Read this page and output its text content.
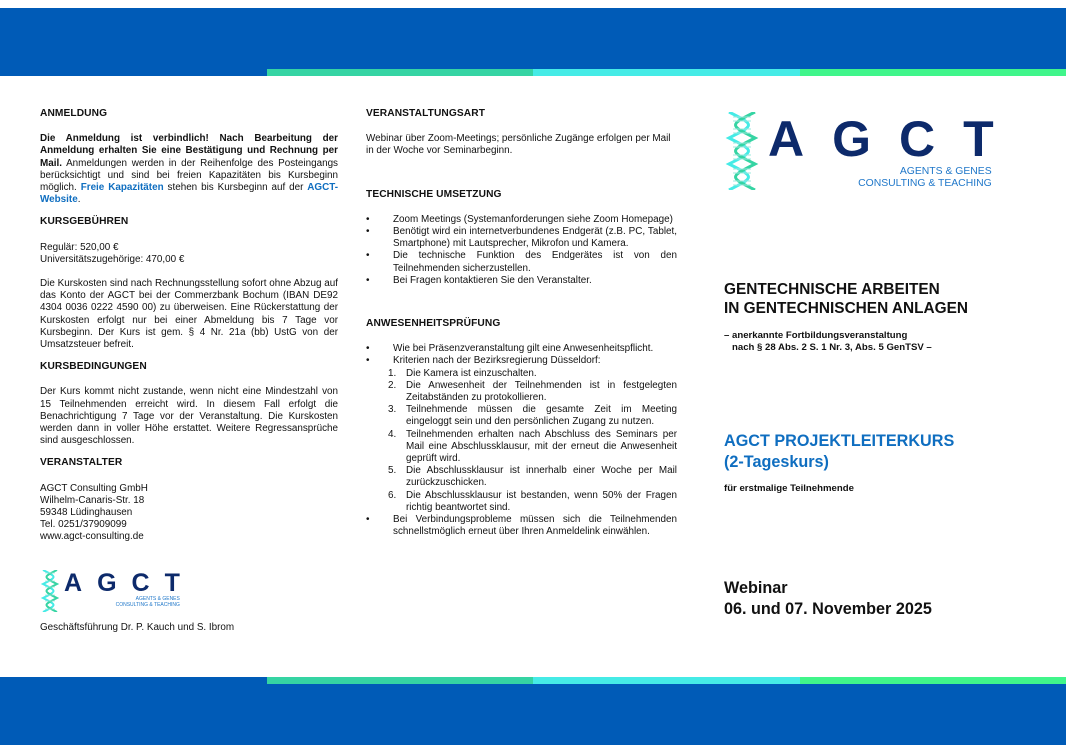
ANMELDUNG
Die Anmeldung ist verbindlich! Nach Bearbeitung der Anmeldung erhalten Sie eine Bestätigung und Rechnung per Mail. Anmeldungen werden in der Reihenfolge des Posteingangs berücksichtigt und sind bei freien Kapazitäten bis Kursbeginn möglich. Freie Kapazitäten stehen bis Kursbeginn auf der AGCT-Website.
KURSGEBÜHREN
Regulär: 520,00 €
Universitätszugehörige: 470,00 €
Die Kurskosten sind nach Rechnungsstellung sofort ohne Abzug auf das Konto der AGCT bei der Commerzbank Bochum (IBAN DE92 4304 0036 0222 4590 00) zu überweisen. Eine Rückerstattung der Kurskosten erfolgt nur bei einer Abmeldung bis 7 Tage vor Kursbeginn. Der Kurs ist gem. § 4 Nr. 21a (bb) UstG von der Umsatzsteuer befreit.
KURSBEDINGUNGEN
Der Kurs kommt nicht zustande, wenn nicht eine Mindestzahl von 15 Teilnehmenden erreicht wird. In diesem Fall erfolgt die Benachrichtigung 7 Tage vor der Veranstaltung. Die Kurskosten werden dann in voller Höhe erstattet. Weitere Regressansprüche sind ausgeschlossen.
VERANSTALTER
AGCT Consulting GmbH
Wilhelm-Canaris-Str. 18
59348 Lüdinghausen
Tel. 0251/37909099
www.agct-consulting.de
A G C T
AGENTS & GENES
CONSULTING & TEACHING
Geschäftsführung Dr. P. Kauch und S. Ibrom
VERANSTALTUNGSART
Webinar über Zoom-Meetings; persönliche Zugänge erfolgen per Mail in der Woche vor Seminarbeginn.
TECHNISCHE UMSETZUNG
• Zoom Meetings (Systemanforderungen siehe Zoom Homepage)
• Benötigt wird ein internetverbundenes Endgerät (z.B. PC, Tablet, Smartphone) mit Lautsprecher, Mikrofon und Kamera.
• Die technische Funktion des Endgerätes ist von den Teilnehmenden sicherzustellen.
• Bei Fragen kontaktieren Sie den Veranstalter.
ANWESENHEITSPRÜFUNG
• Wie bei Präsenzveranstaltung gilt eine Anwesenheitspflicht.
• Kriterien nach der Bezirksregierung Düsseldorf:
1. Die Kamera ist einzuschalten.
2. Die Anwesenheit der Teilnehmenden ist in festgelegten Zeitabständen zu protokollieren.
3. Teilnehmende müssen die gesamte Zeit im Meeting eingeloggt sein und den persönlichen Zugang zu nutzen.
4. Teilnehmenden erhalten nach Abschluss des Seminars per Mail eine Abschlussklausur, mit der erneut die Anwesenheit geprüft wird.
5. Die Abschlussklausur ist innerhalb einer Woche per Mail zurückzuschicken.
6. Die Abschlussklausur ist bestanden, wenn 50% der Fragen richtig beantwortet sind.
• Bei Verbindungsprobleme müssen sich die Teilnehmenden schnellstmöglich erneut über Ihren Anmeldelink einwählen.
A G C T
AGENTS & GENES
CONSULTING & TEACHING
GENTECHNISCHE ARBEITEN
IN GENTECHNISCHEN ANLAGEN
– anerkannte Fortbildungsveranstaltung
nach § 28 Abs. 2 S. 1 Nr. 3, Abs. 5 GenTSV –
AGCT PROJEKTLEITERKURS
(2-Tageskurs)
für erstmalige Teilnehmende
Webinar
06. und 07. November 2025
